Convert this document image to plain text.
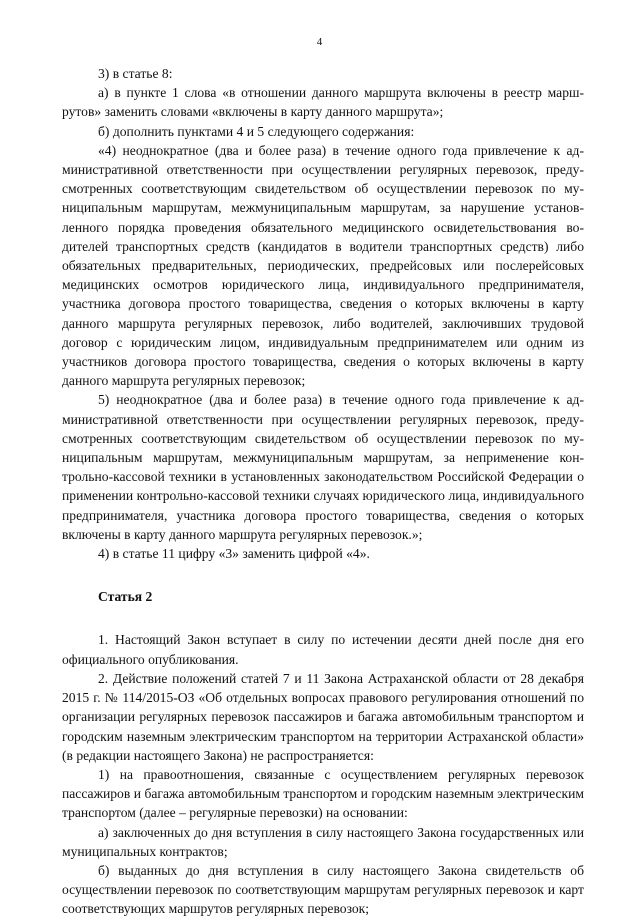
4

3) в статье 8:

а) в пункте 1 слова «в отношении данного маршрута включены в реестр маршрутов» заменить словами «включены в карту данного маршрута»;

б) дополнить пунктами 4 и 5 следующего содержания:

«4) неоднократное (два и более раза) в течение одного года привлечение к административной ответственности при осуществлении регулярных перевозок, предусмотренных соответствующим свидетельством об осуществлении перевозок по муниципальным маршрутам, межмуниципальным маршрутам, за нарушение установленного порядка проведения обязательного медицинского освидетельствования водителей транспортных средств (кандидатов в водители транспортных средств) либо обязательных предварительных, периодических, предрейсовых или послерейсовых медицинских осмотров юридического лица, индивидуального предпринимателя, участника договора простого товарищества, сведения о которых включены в карту данного маршрута регулярных перевозок, либо водителей, заключивших трудовой договор с юридическим лицом, индивидуальным предпринимателем или одним из участников договора простого товарищества, сведения о которых включены в карту данного маршрута регулярных перевозок;

5) неоднократное (два и более раза) в течение одного года привлечение к административной ответственности при осуществлении регулярных перевозок, предусмотренных соответствующим свидетельством об осуществлении перевозок по муниципальным маршрутам, межмуниципальным маршрутам, за неприменение контрольно-кассовой техники в установленных законодательством Российской Федерации о применении контрольно-кассовой техники случаях юридического лица, индивидуального предпринимателя, участника договора простого товарищества, сведения о которых включены в карту данного маршрута регулярных перевозок.»;

4) в статье 11 цифру «3» заменить цифрой «4».

Статья 2

1. Настоящий Закон вступает в силу по истечении десяти дней после дня его официального опубликования.

2. Действие положений статей 7 и 11 Закона Астраханской области от 28 декабря 2015 г. № 114/2015-ОЗ «Об отдельных вопросах правового регулирования отношений по организации регулярных перевозок пассажиров и багажа автомобильным транспортом и городским наземным электрическим транспортом на территории Астраханской области» (в редакции настоящего Закона) не распространяется:

1) на правоотношения, связанные с осуществлением регулярных перевозок пассажиров и багажа автомобильным транспортом и городским наземным электрическим транспортом (далее – регулярные перевозки) на основании:

а) заключенных до дня вступления в силу настоящего Закона государственных или муниципальных контрактов;

б) выданных до дня вступления в силу настоящего Закона свидетельств об осуществлении перевозок по соответствующим маршрутам регулярных перевозок и карт соответствующих маршрутов регулярных перевозок;
